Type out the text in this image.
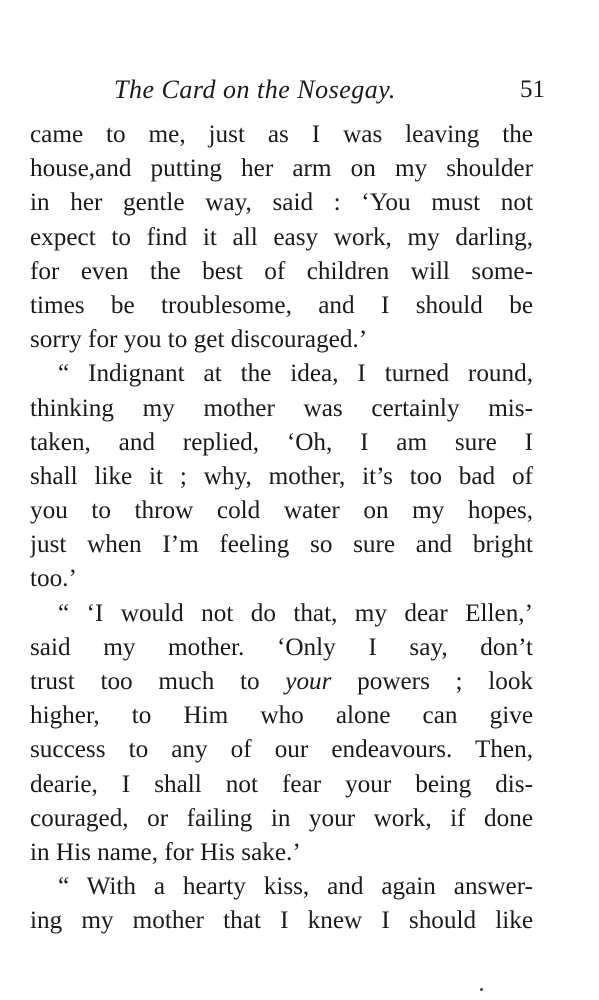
The Card on the Nosegay.	51
came to me, just as I was leaving the
house,and putting her arm on my shoulder
in her gentle way, said : ‘You must not
expect to find it all easy work, my darling,
for even the best of children will some-
times be troublesome, and I should be
sorry for you to get discouraged.’
“ Indignant at the idea, I turned round,
thinking my mother was certainly mis-
taken, and replied, ‘Oh, I am sure I
shall like it ; why, mother, it’s too bad of
you to throw cold water on my hopes,
just when I’m feeling so sure and bright
too.’
“ ‘I would not do that, my dear Ellen,’
said my mother. ‘Only I say, don’t
trust too much to your powers ; look
higher, to Him who alone can give
success to any of our endeavours. Then,
dearie, I shall not fear your being dis-
couraged, or failing in your work, if done
in His name, for His sake.’
“ With a hearty kiss, and again answer-
ing my mother that I knew I should like
